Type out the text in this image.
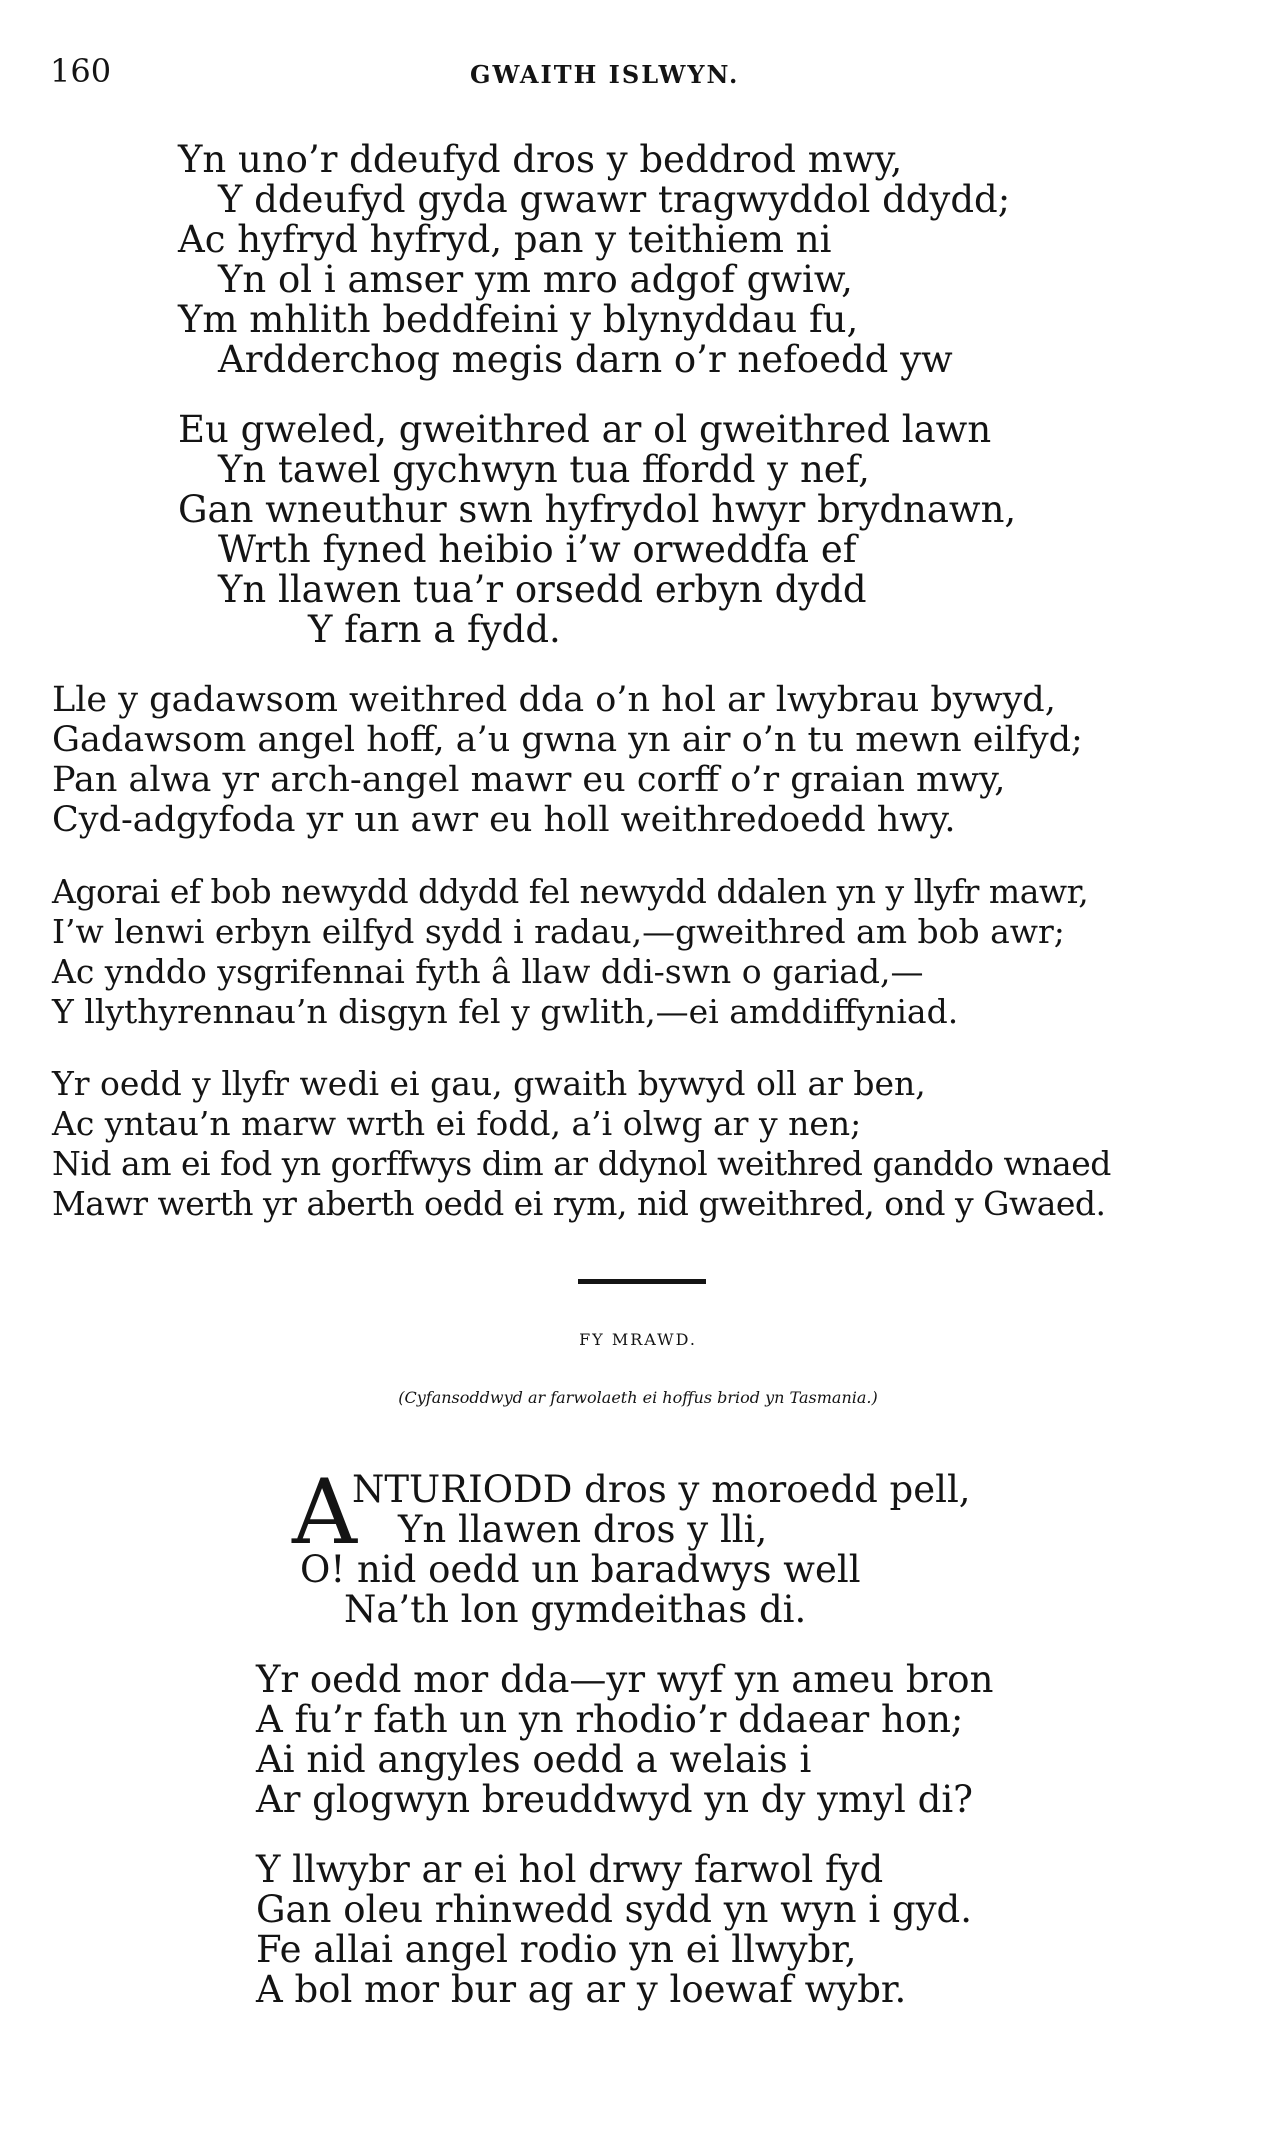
160	GWAITH ISLWYN.
Yn uno’r ddeufyd dros y beddrod mwy,
Y ddeufyd gyda gwawr tragwyddol ddydd;
Ac hyfryd hyfryd, pan y teithiem ni
Yn ol i amser ym mro adgof gwiw,
Ym mhlith beddfeini y blynyddau fu,
Ardderchog megis darn o’r nefoedd yw
Eu gweled, gweithred ar ol gweithred lawn
Yn tawel gychwyn tua ffordd y nef,
Gan wneuthur swn hyfrydol hwyr brydnawn,
Wrth fyned heibio i’w orweddfa ef
Yn llawen tua’r orsedd erbyn dydd
Y farn a fydd.
Lle y gadawsom weithred dda o’n hol ar lwybrau bywyd,
Gadawsom angel hoff, a’u gwna yn air o’n tu mewn eilfyd;
Pan alwa yr arch-angel mawr eu corff o’r graian mwy,
Cyd-adgyfoda yr un awr eu holl weithredoedd hwy.
Agorai ef bob newydd ddydd fel newydd ddalen yn y llyfr mawr,
I’w lenwi erbyn eilfyd sydd i radau,—gweithred am bob awr;
Ac ynddo ysgrifennai fyth â llaw ddi-swn o gariad,—
Y llythyrennau’n disgyn fel y gwlith,—ei amddiffyniad.
Yr oedd y llyfr wedi ei gau, gwaith bywyd oll ar ben,
Ac yntau’n marw wrth ei fodd, a’i olwg ar y nen;
Nid am ei fod yn gorffwys dim ar ddynol weithred ganddo wnaed
Mawr werth yr aberth oedd ei rym, nid gweithred, ond y Gwaed.
FY MRAWD.
(Cyfansoddwyd ar farwolaeth ei hoffus briod yn Tasmania.)
A
NTURIODD dros y moroedd pell,
Yn llawen dros y lli,
O! nid oedd un baradwys well
Na’th lon gymdeithas di.
Yr oedd mor dda—yr wyf yn ameu bron
A fu’r fath un yn rhodio’r ddaear hon;
Ai nid angyles oedd a welais i
Ar glogwyn breuddwyd yn dy ymyl di?
Y llwybr ar ei hol drwy farwol fyd
Gan oleu rhinwedd sydd yn wyn i gyd.
Fe allai angel rodio yn ei llwybr,
A bol mor bur ag ar y loewaf wybr.
